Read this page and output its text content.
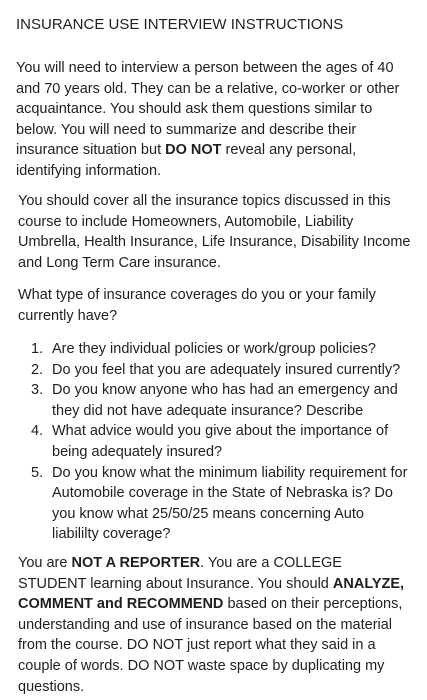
INSURANCE USE INTERVIEW INSTRUCTIONS

You will need to interview a person between the ages of 40 and 70 years old. They can be a relative, co-worker or other acquaintance. You should ask them questions similar to below. You will need to summarize and describe their insurance situation but DO NOT reveal any personal, identifying information.

You should cover all the insurance topics discussed in this course to include Homeowners, Automobile, Liability Umbrella, Health Insurance, Life Insurance, Disability Income and Long Term Care insurance.

What type of insurance coverages do you or your family currently have?

1. Are they individual policies or work/group policies?
2. Do you feel that you are adequately insured currently?
3. Do you know anyone who has had an emergency and they did not have adequate insurance? Describe
4. What advice would you give about the importance of being adequately insured?
5. Do you know what the minimum liability requirement for Automobile coverage in the State of Nebraska is? Do you know what 25/50/25 means concerning Auto liabililty coverage?

You are NOT A REPORTER. You are a COLLEGE STUDENT learning about Insurance. You should ANALYZE, COMMENT and RECOMMEND based on their perceptions, understanding and use of insurance based on the material from the course. DO NOT just report what they said in a couple of words. DO NOT waste space by duplicating my questions.
